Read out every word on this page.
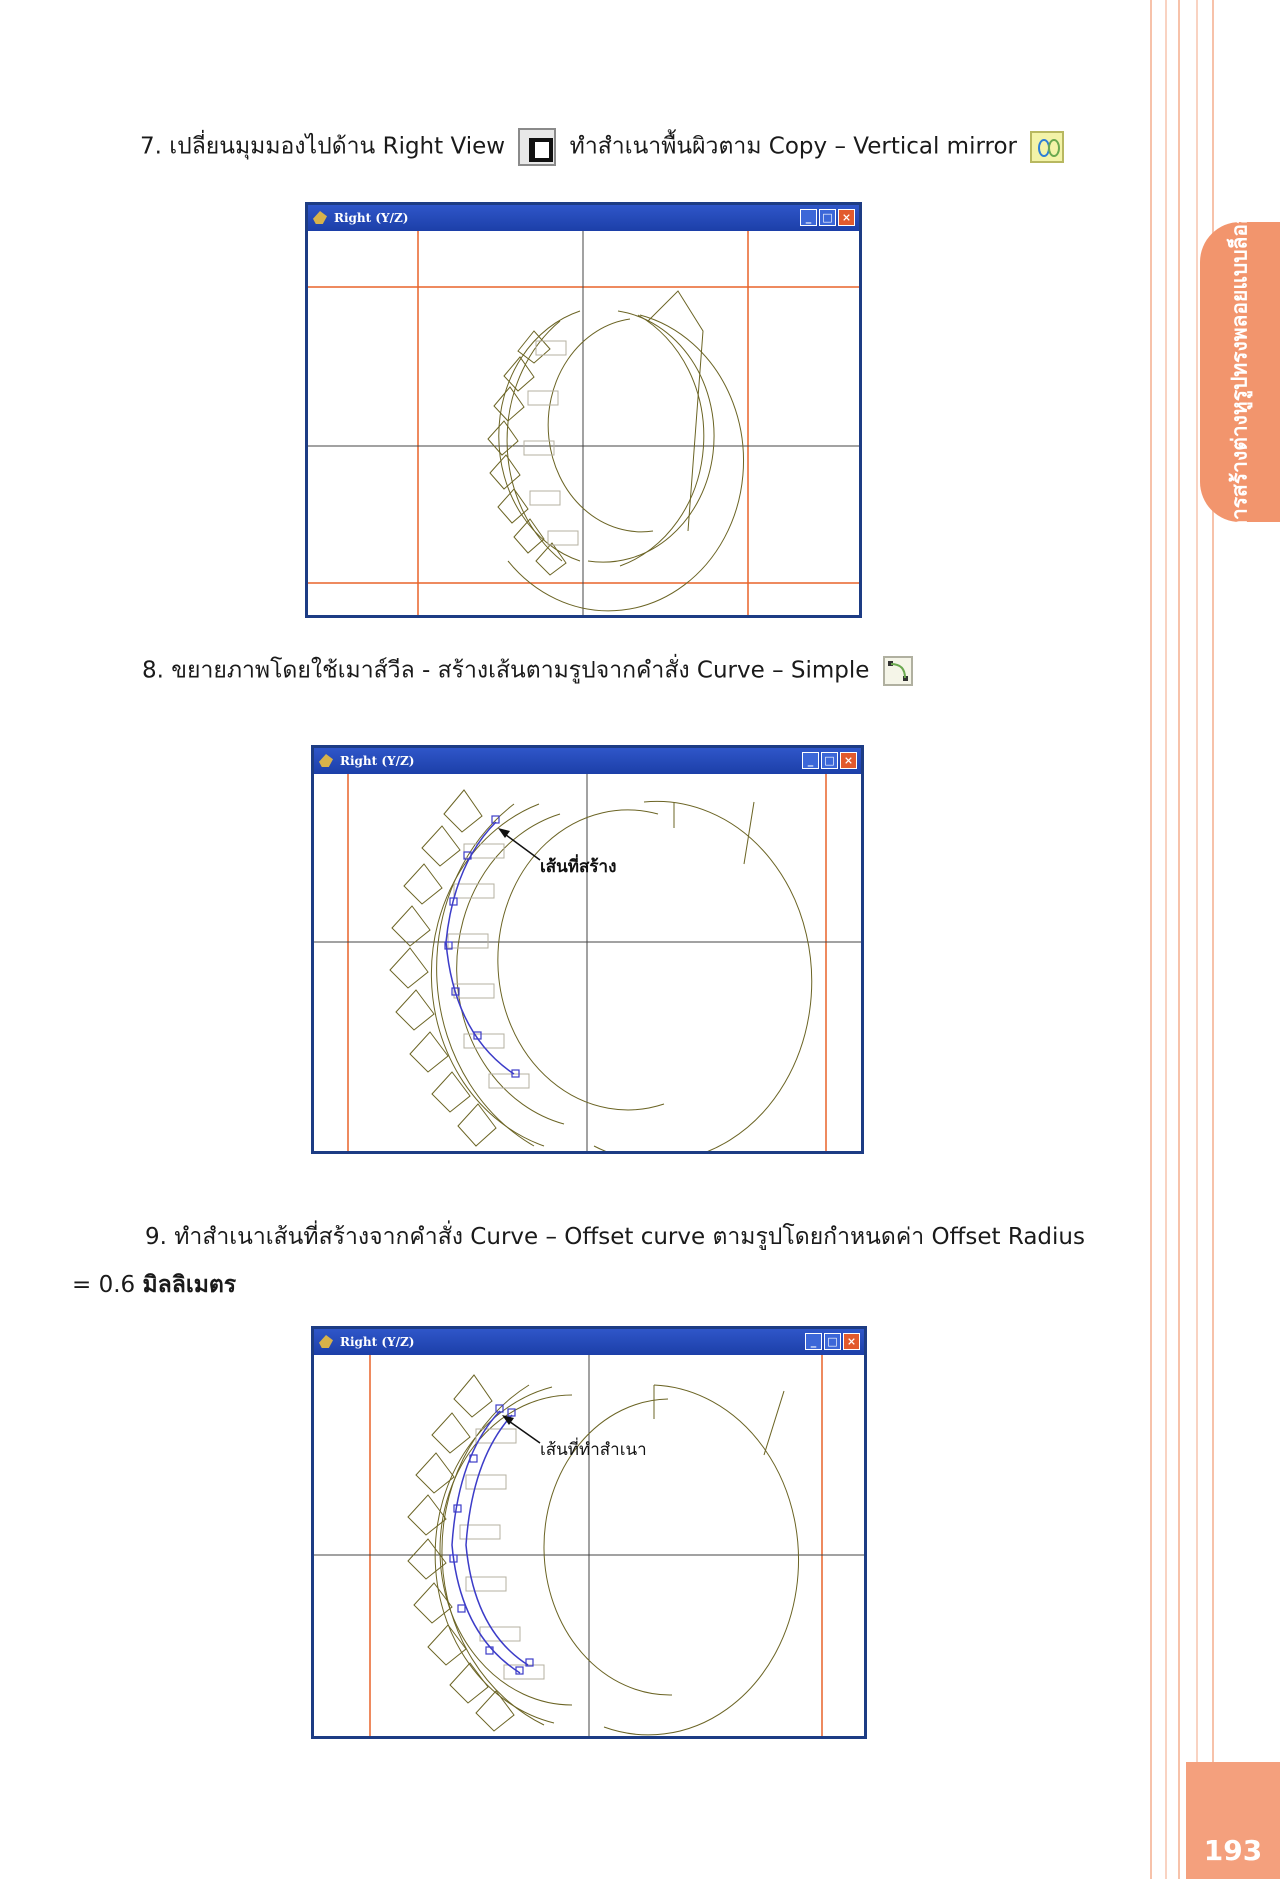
การสร้างต่างหูรูปทรงพลอยแบบล็อก
7. เปลี่ยนมุมมองไปด้าน Right View	ทำสำเนาพื้นผิวตาม Copy – Vertical mirror
Right (Y/Z)	_	□ ×
8. ขยายภาพโดยใช้เมาส์วีล - สร้างเส้นตามรูปจากคำสั่ง Curve – Simple
Right (Y/Z)	_	□ ×
เส้นที่สร้าง
9. ทำสำเนาเส้นที่สร้างจากคำสั่ง Curve – Offset curve ตามรูปโดยกำหนดค่า Offset Radius
= 0.6 มิลลิเมตร
Right (Y/Z)	_	□ ×
เส้นที่ทำสำเนา
193
